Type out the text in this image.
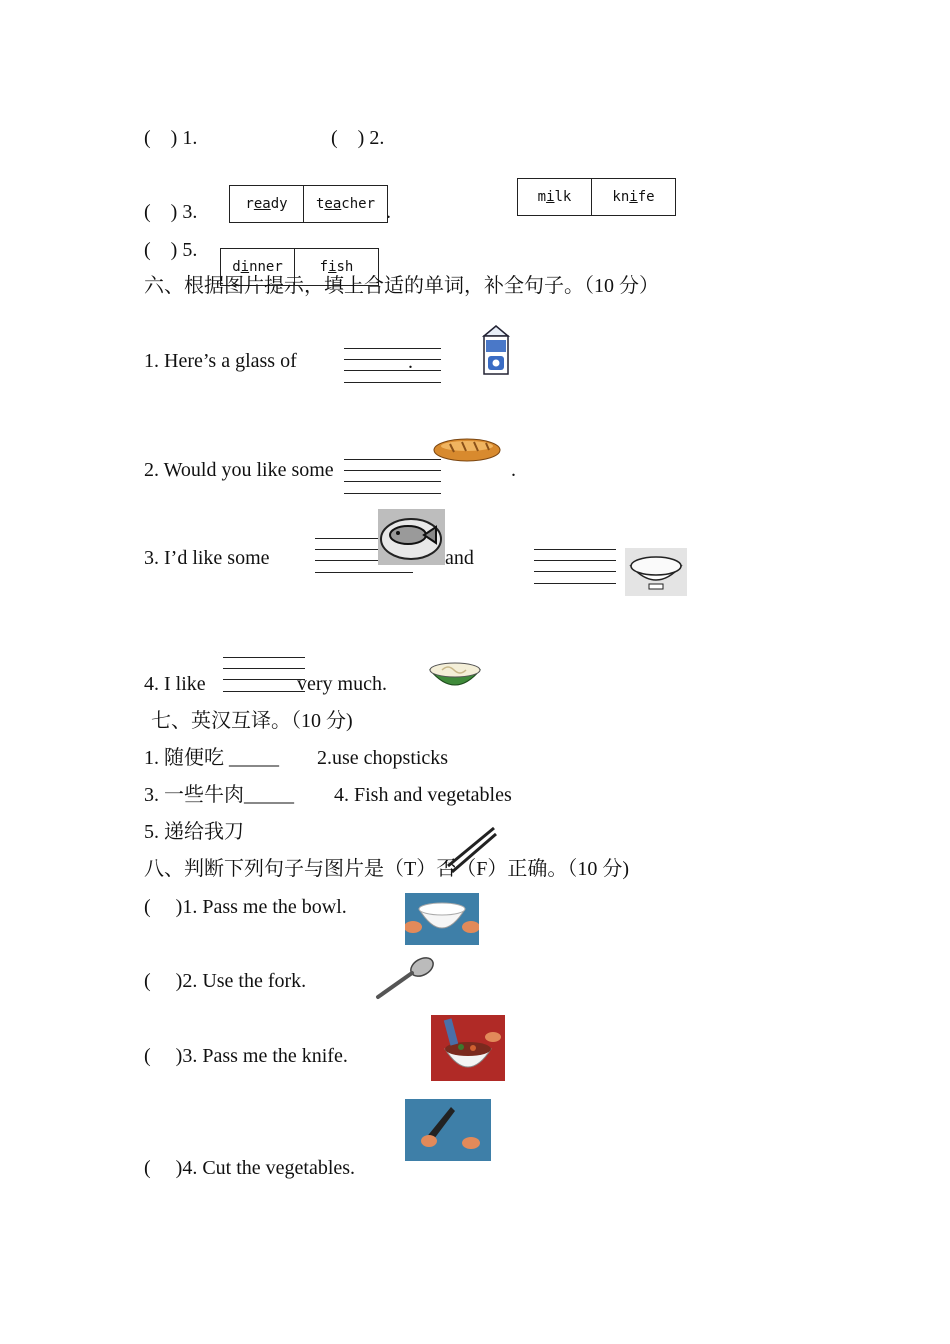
(    ) 1.	(    ) 2.
(    ) 3.
(    ) 5.
.
r ea dy t ea cher	m i lk	kn i fe
d i nner	f i sh
六、根据图片提示，填上合适的单词，补全句子。（10 分）
1. Here’s a glass of	.
2. Would you like some	.
3. I’d like some	and
4. I like	very much.
七、英汉互译。（10 分)
1. 随便吃 _____ 2.use chopsticks
3. 一些牛肉_____ 4. Fish and vegetables
5. 递给我刀
八、判断下列句子与图片是（T）否（F）正确。（10 分)
(     )1. Pass me the bowl.
(     )2. Use the fork.
(     )3. Pass me the knife.
(     )4. Cut the vegetables.
